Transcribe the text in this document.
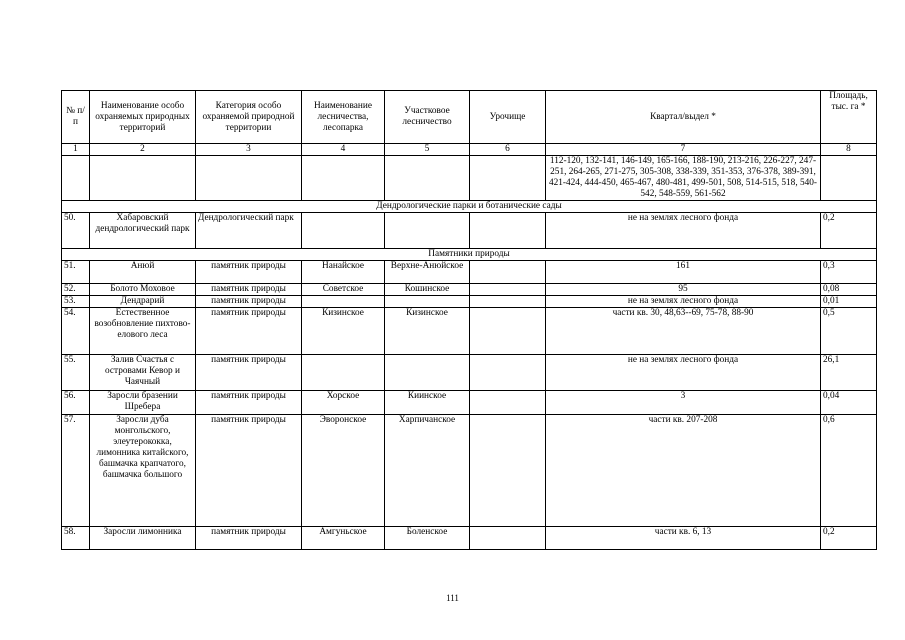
№ п/п	Наименование особо охраняемых природных территорий	Категория особо охраняемой природной территории	Наименование лесничества, лесопарка	Участковое лесничество	Урочище	Квартал/выдел *	Площадь, тыс. га *
1	2	3	4	5	6	7	8
						112-120, 132-141, 146-149, 165-166, 188-190, 213-216, 226-227, 247-251, 264-265, 271-275, 305-308, 338-339, 351-353, 376-378, 389-391, 421-424, 444-450, 465-467, 480-481, 499-501, 508, 514-515, 518, 540-542, 548-559, 561-562	
Дендрологические парки и ботанические сады							
50.	Хабаровский дендрологический парк	Дендрологический парк				не на землях лесного фонда	0,2
Памятники природы							
51.	Анюй	памятник природы	Нанайское	Верхне-Анюйское		161	0,3
52.	Болото Моховое	памятник природы	Советское	Кошинское		95	0,08
53.	Дендрарий	памятник природы				не на землях лесного фонда	0,01
54.	Естественное возобновление пихтово-елового леса	памятник природы	Кизинское	Кизинское		части кв. 30, 48,63--69, 75-78, 88-90	0,5
55.	Залив Счастья с островами Кевор и Чаячный	памятник природы				не на землях лесного фонда	26,1
56.	Заросли бразении Шребера	памятник природы	Хорское	Киинское		3	0,04
57.	Заросли дуба монгольского, элеутерококка, лимонника китайского, башмачка крапчатого, башмачка большого	памятник природы	Эворонское	Харпичанское		части кв. 207-208	0,6
58.	Заросли лимонника	памятник природы	Амгуньское	Боленское		части кв. 6, 13	0,2
111
